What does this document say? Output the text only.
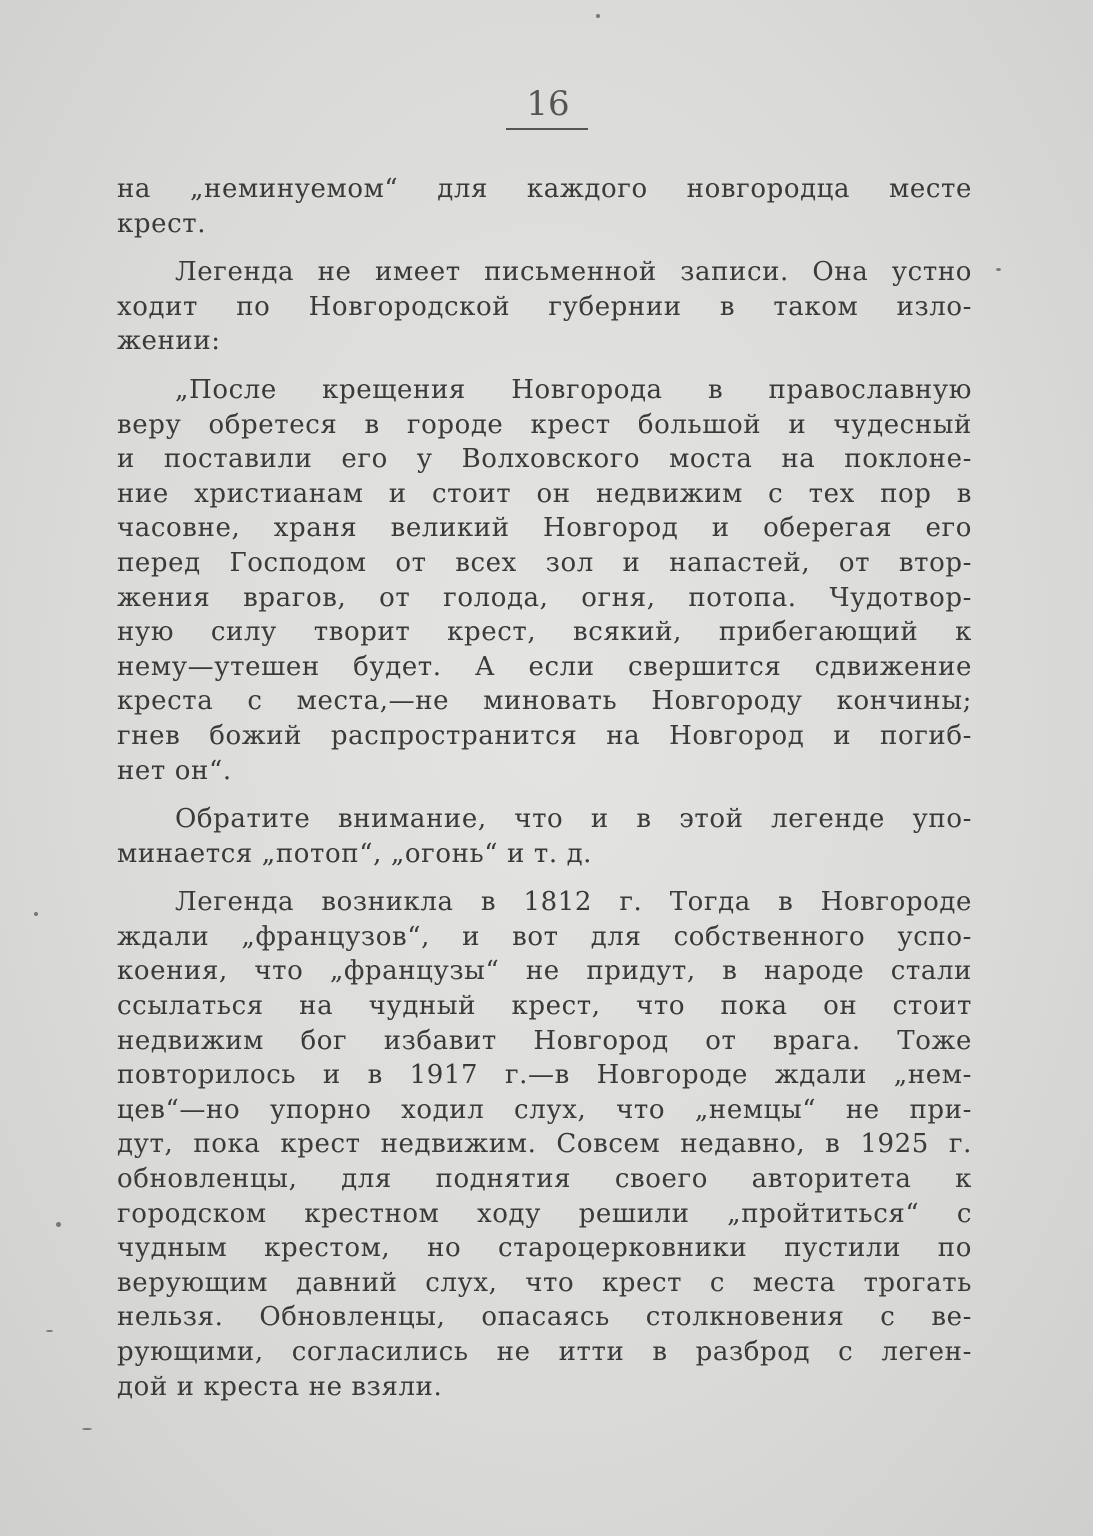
16
на „неминуемом“ для каждого новгородца месте
крест.
Легенда не имеет письменной записи. Она устно
ходит по Новгородской губернии в таком изло-
жении:
„После крещения Новгорода в православную
веру обретеся в городе крест большой и чудесный
и поставили его у Волховского моста на поклоне-
ние христианам и стоит он недвижим с тех пор в
часовне, храня великий Новгород и оберегая его
перед Господом от всех зол и напастей, от втор-
жения врагов, от голода, огня, потопа. Чудотвор-
ную силу творит крест, всякий, прибегающий к
нему—утешен будет. А если свершится сдвижение
креста с места,—не миновать Новгороду кончины;
гнев божий распространится на Новгород и погиб-
нет он“.
Обратите внимание, что и в этой легенде упо-
минается „потоп“, „огонь“ и т. д.
Легенда возникла в 1812 г. Тогда в Новгороде
ждали „французов“, и вот для собственного успо-
коения, что „французы“ не придут, в народе стали
ссылаться на чудный крест, что пока он стоит
недвижим бог избавит Новгород от врага. Тоже
повторилось и в 1917 г.—в Новгороде ждали „нем-
цев“—но упорно ходил слух, что „немцы“ не при-
дут, пока крест недвижим. Совсем недавно, в 1925 г.
обновленцы, для поднятия своего авторитета к
городском крестном ходу решили „пройтиться“ с
чудным крестом, но староцерковники пустили по
верующим давний слух, что крест с места трогать
нельзя. Обновленцы, опасаясь столкновения с ве-
рующими, согласились не итти в разброд с леген-
дой и креста не взяли.
